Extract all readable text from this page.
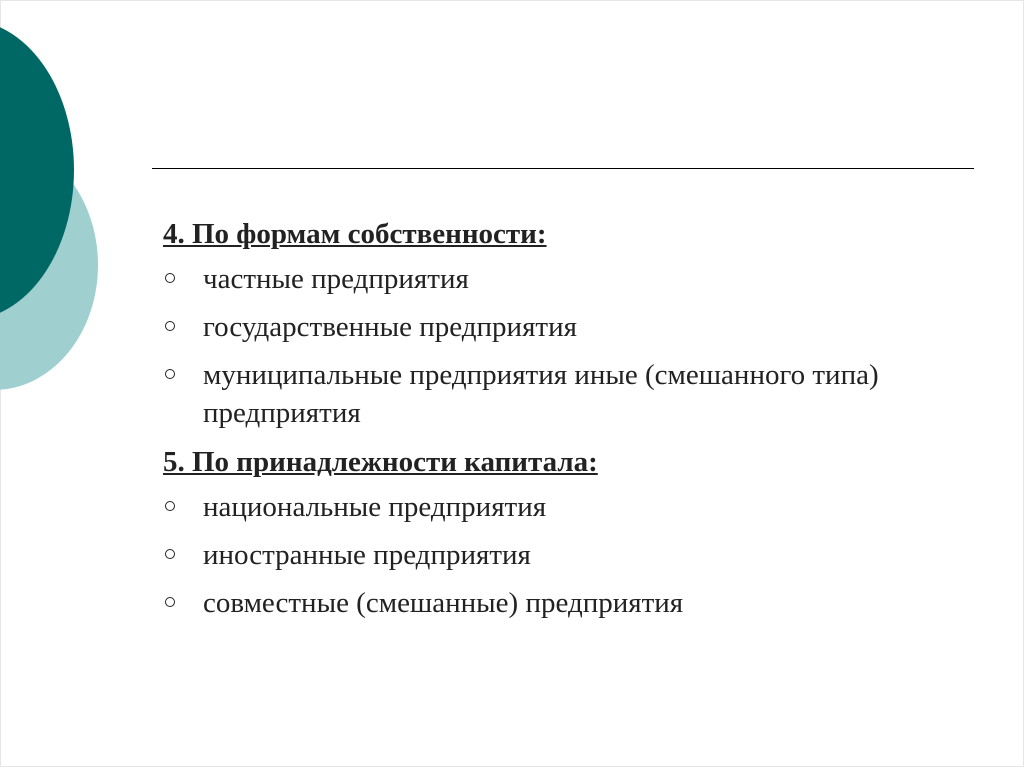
4. По формам собственности:

частные предприятия
государственные предприятия
муниципальные предприятия иные (смешанного типа) предприятия

5. По принадлежности капитала:

национальные предприятия
иностранные предприятия
совместные (смешанные) предприятия
